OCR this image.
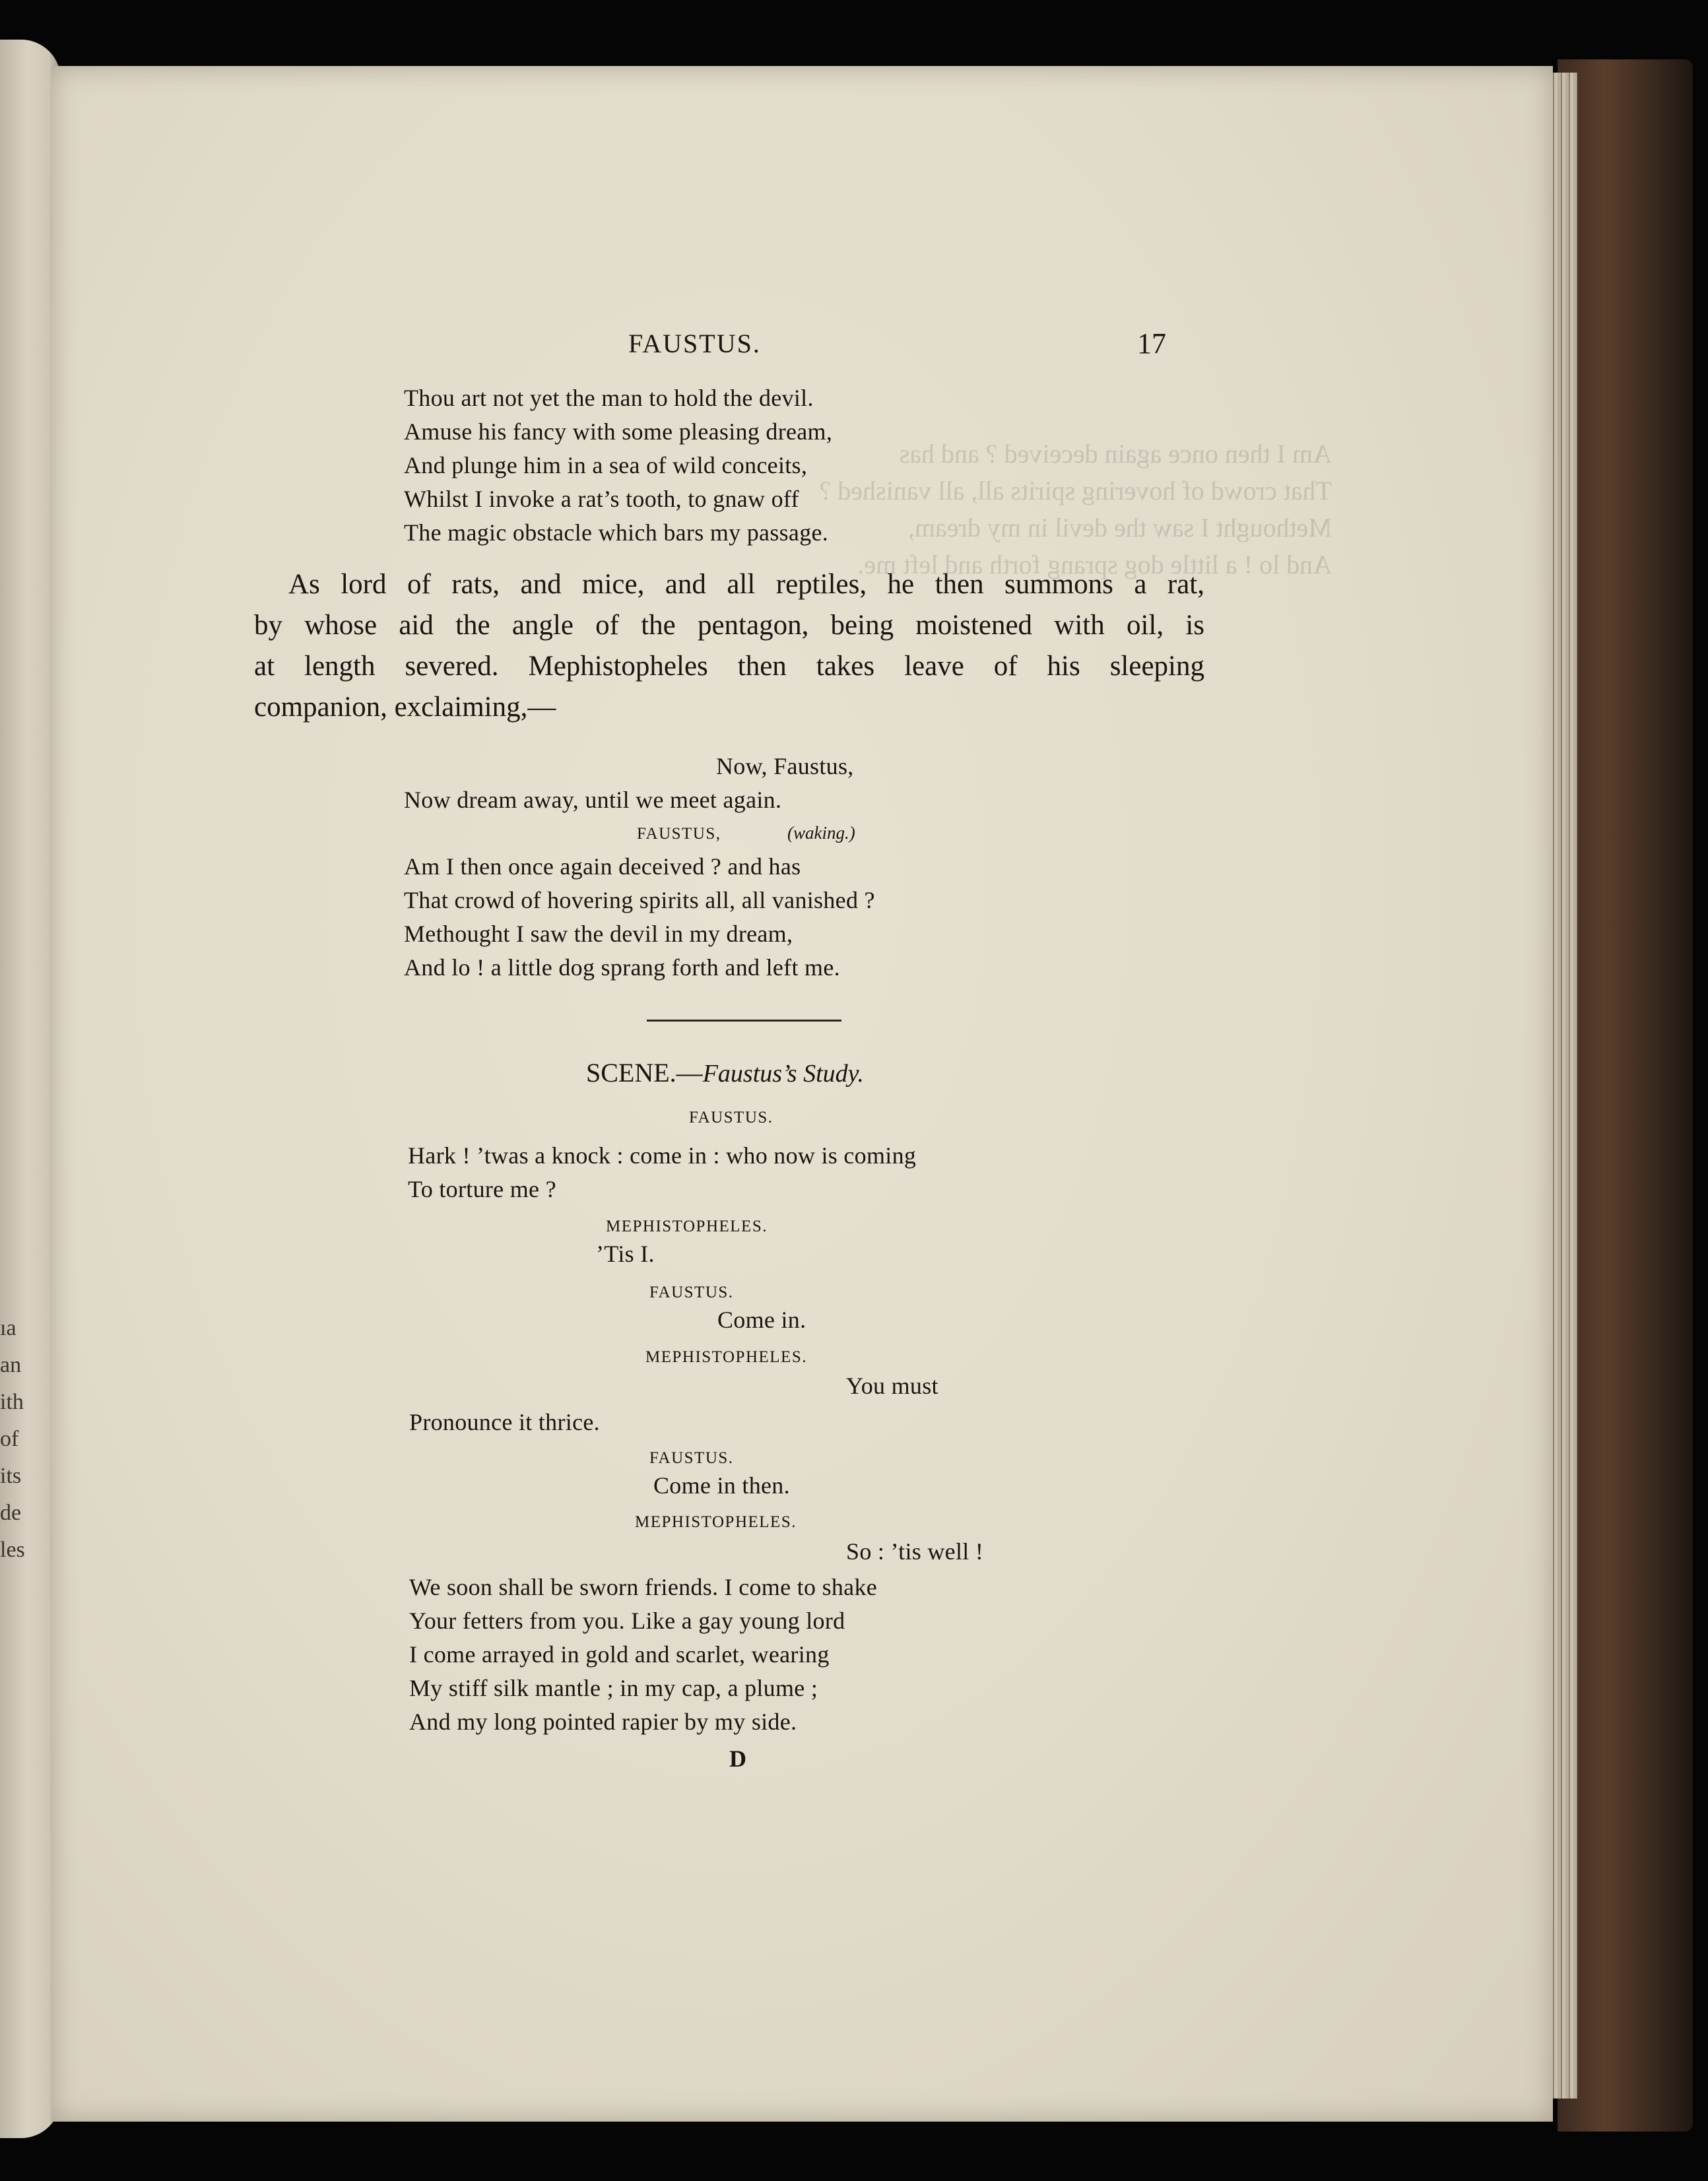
ıa
an
ith
of
its
de
les
Am I then once again deceived ? and has
That crowd of hovering spirits all, all vanished ?
Methought I saw the devil in my dream,
And lo ! a little dog sprang forth and left me.
FAUSTUS.	17
Thou art not yet the man to hold the devil.
Amuse his fancy with some pleasing dream,
And plunge him in a sea of wild conceits,
Whilst I invoke a rat’s tooth, to gnaw off
The magic obstacle which bars my passage.
As lord of rats, and mice, and all reptiles, he then summons a rat,
by whose aid the angle of the pentagon, being moistened with oil, is
at length severed. Mephistopheles then takes leave of his sleeping
companion, exclaiming,—
Now, Faustus,
Now dream away, until we meet again.
FAUSTUS,	(waking.)
Am I then once again deceived ? and has
That crowd of hovering spirits all, all vanished ?
Methought I saw the devil in my dream,
And lo ! a little dog sprang forth and left me.
SCENE.—Faustus’s Study.
FAUSTUS.
Hark ! ’twas a knock : come in : who now is coming
To torture me ?
MEPHISTOPHELES.
’Tis I.
FAUSTUS.
Come in.
MEPHISTOPHELES.
You must
Pronounce it thrice.
FAUSTUS.
Come in then.
MEPHISTOPHELES.
So : ’tis well !
We soon shall be sworn friends. I come to shake
Your fetters from you. Like a gay young lord
I come arrayed in gold and scarlet, wearing
My stiff silk mantle ; in my cap, a plume ;
And my long pointed rapier by my side.
D
